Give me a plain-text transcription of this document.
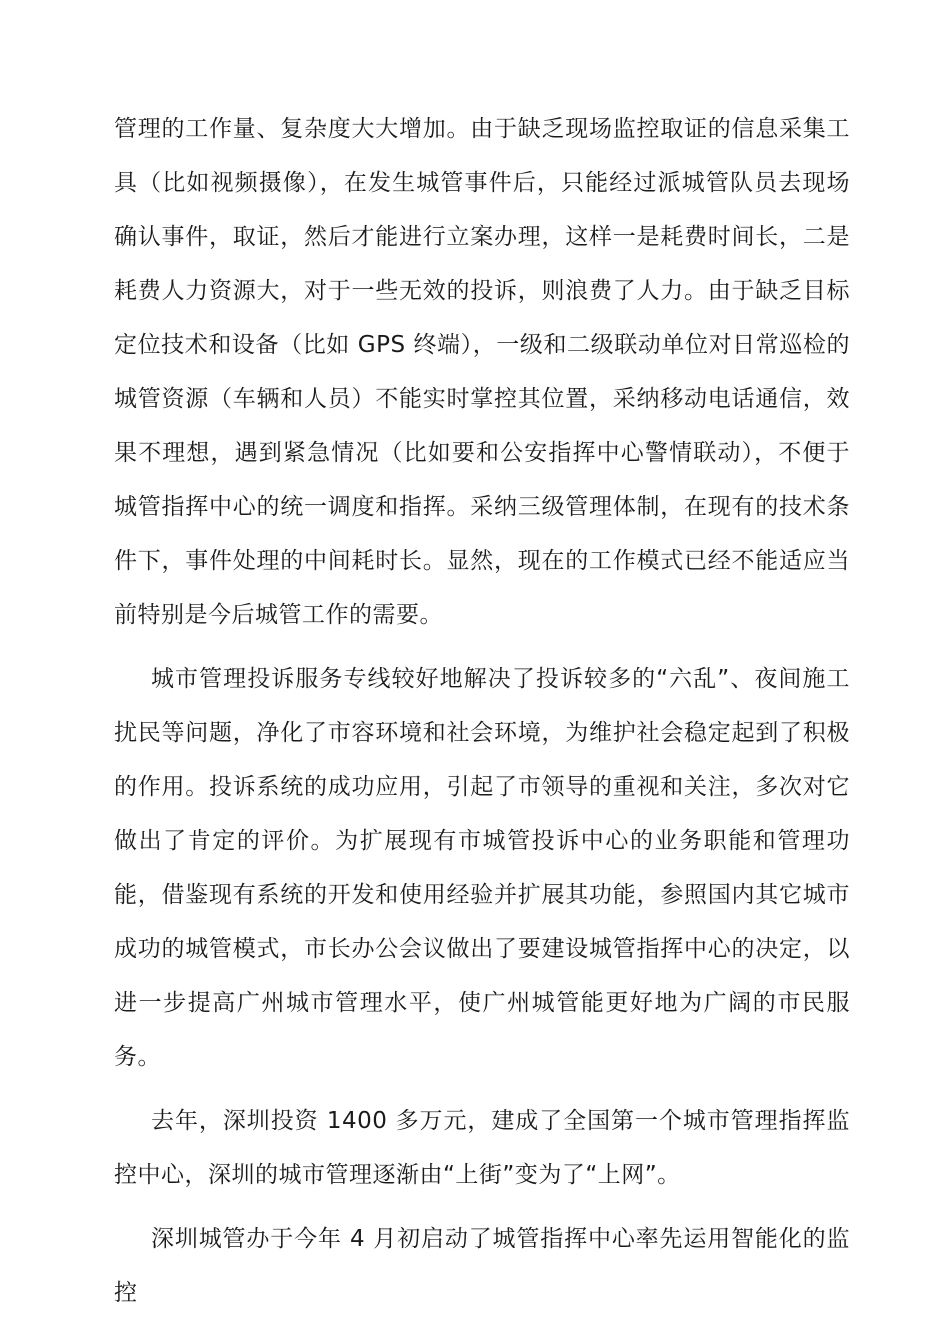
管理的工作量、复杂度大大增加。由于缺乏现场监控取证的信息采集工具（比如视频摄像），在发生城管事件后，只能经过派城管队员去现场确认事件，取证，然后才能进行立案办理，这样一是耗费时间长，二是耗费人力资源大，对于一些无效的投诉，则浪费了人力。由于缺乏目标定位技术和设备（比如 GPS 终端），一级和二级联动单位对日常巡检的城管资源（车辆和人员）不能实时掌控其位置，采纳移动电话通信，效果不理想，遇到紧急情况（比如要和公安指挥中心警情联动），不便于城管指挥中心的统一调度和指挥。采纳三级管理体制，在现有的技术条件下，事件处理的中间耗时长。显然，现在的工作模式已经不能适应当前特别是今后城管工作的需要。

城市管理投诉服务专线较好地解决了投诉较多的“六乱”、夜间施工扰民等问题，净化了市容环境和社会环境，为维护社会稳定起到了积极的作用。投诉系统的成功应用，引起了市领导的重视和关注，多次对它做出了肯定的评价。为扩展现有市城管投诉中心的业务职能和管理功能，借鉴现有系统的开发和使用经验并扩展其功能，参照国内其它城市成功的城管模式，市长办公会议做出了要建设城管指挥中心的决定，以进一步提高广州城市管理水平，使广州城管能更好地为广阔的市民服务。

去年，深圳投资 1400 多万元，建成了全国第一个城市管理指挥监控中心，深圳的城市管理逐渐由“上街”变为了“上网”。

深圳城管办于今年 4 月初启动了城管指挥中心率先运用智能化的监控
